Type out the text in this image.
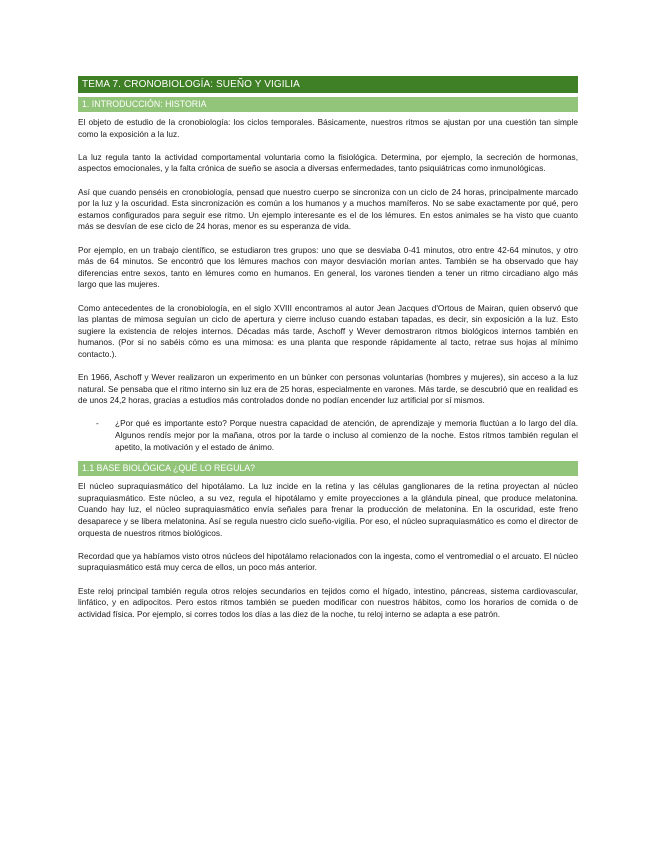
TEMA 7. CRONOBIOLOGÍA: SUEÑO Y VIGILIA
1. INTRODUCCIÓN: HISTORIA

El objeto de estudio de la cronobiología: los ciclos temporales. Básicamente, nuestros ritmos se ajustan por una cuestión tan simple como la exposición a la luz.

La luz regula tanto la actividad comportamental voluntaria como la fisiológica. Determina, por ejemplo, la secreción de hormonas, aspectos emocionales, y la falta crónica de sueño se asocia a diversas enfermedades, tanto psiquiátricas como inmunológicas.

Así que cuando penséis en cronobiología, pensad que nuestro cuerpo se sincroniza con un ciclo de 24 horas, principalmente marcado por la luz y la oscuridad. Esta sincronización es común a los humanos y a muchos mamíferos. No se sabe exactamente por qué, pero estamos configurados para seguir ese ritmo. Un ejemplo interesante es el de los lémures. En estos animales se ha visto que cuanto más se desvían de ese ciclo de 24 horas, menor es su esperanza de vida.

Por ejemplo, en un trabajo científico, se estudiaron tres grupos: uno que se desviaba 0-41 minutos, otro entre 42-64 minutos, y otro más de 64 minutos. Se encontró que los lémures machos con mayor desviación morían antes. También se ha observado que hay diferencias entre sexos, tanto en lémures como en humanos. En general, los varones tienden a tener un ritmo circadiano algo más largo que las mujeres.

Como antecedentes de la cronobiología, en el siglo XVIII encontramos al autor Jean Jacques d'Ortous de Mairan, quien observó que las plantas de mimosa seguían un ciclo de apertura y cierre incluso cuando estaban tapadas, es decir, sin exposición a la luz. Esto sugiere la existencia de relojes internos. Décadas más tarde, Aschoff y Wever demostraron ritmos biológicos internos también en humanos. (Por si no sabéis cómo es una mimosa: es una planta que responde rápidamente al tacto, retrae sus hojas al mínimo contacto.).

En 1966, Aschoff y Wever realizaron un experimento en un búnker con personas voluntarias (hombres y mujeres), sin acceso a la luz natural. Se pensaba que el ritmo interno sin luz era de 25 horas, especialmente en varones. Más tarde, se descubrió que en realidad es de unos 24,2 horas, gracias a estudios más controlados donde no podían encender luz artificial por sí mismos.

-	¿Por qué es importante esto? Porque nuestra capacidad de atención, de aprendizaje y memoria fluctúan a lo largo del día. Algunos rendís mejor por la mañana, otros por la tarde o incluso al comienzo de la noche. Estos ritmos también regulan el apetito, la motivación y el estado de ánimo.

1.1 BASE BIOLÓGICA ¿QUÉ LO REGULA?

El núcleo supraquiasmático del hipotálamo. La luz incide en la retina y las células ganglionares de la retina proyectan al núcleo supraquiasmático. Este núcleo, a su vez, regula el hipotálamo y emite proyecciones a la glándula pineal, que produce melatonina. Cuando hay luz, el núcleo supraquiasmático envía señales para frenar la producción de melatonina. En la oscuridad, este freno desaparece y se libera melatonina. Así se regula nuestro ciclo sueño-vigilia. Por eso, el núcleo supraquiasmático es como el director de orquesta de nuestros ritmos biológicos.

Recordad que ya habíamos visto otros núcleos del hipotálamo relacionados con la ingesta, como el ventromedial o el arcuato. El núcleo supraquiasmático está muy cerca de ellos, un poco más anterior.

Este reloj principal también regula otros relojes secundarios en tejidos como el hígado, intestino, páncreas, sistema cardiovascular, linfático, y en adipocitos. Pero estos ritmos también se pueden modificar con nuestros hábitos, como los horarios de comida o de actividad física. Por ejemplo, si corres todos los días a las diez de la noche, tu reloj interno se adapta a ese patrón.
